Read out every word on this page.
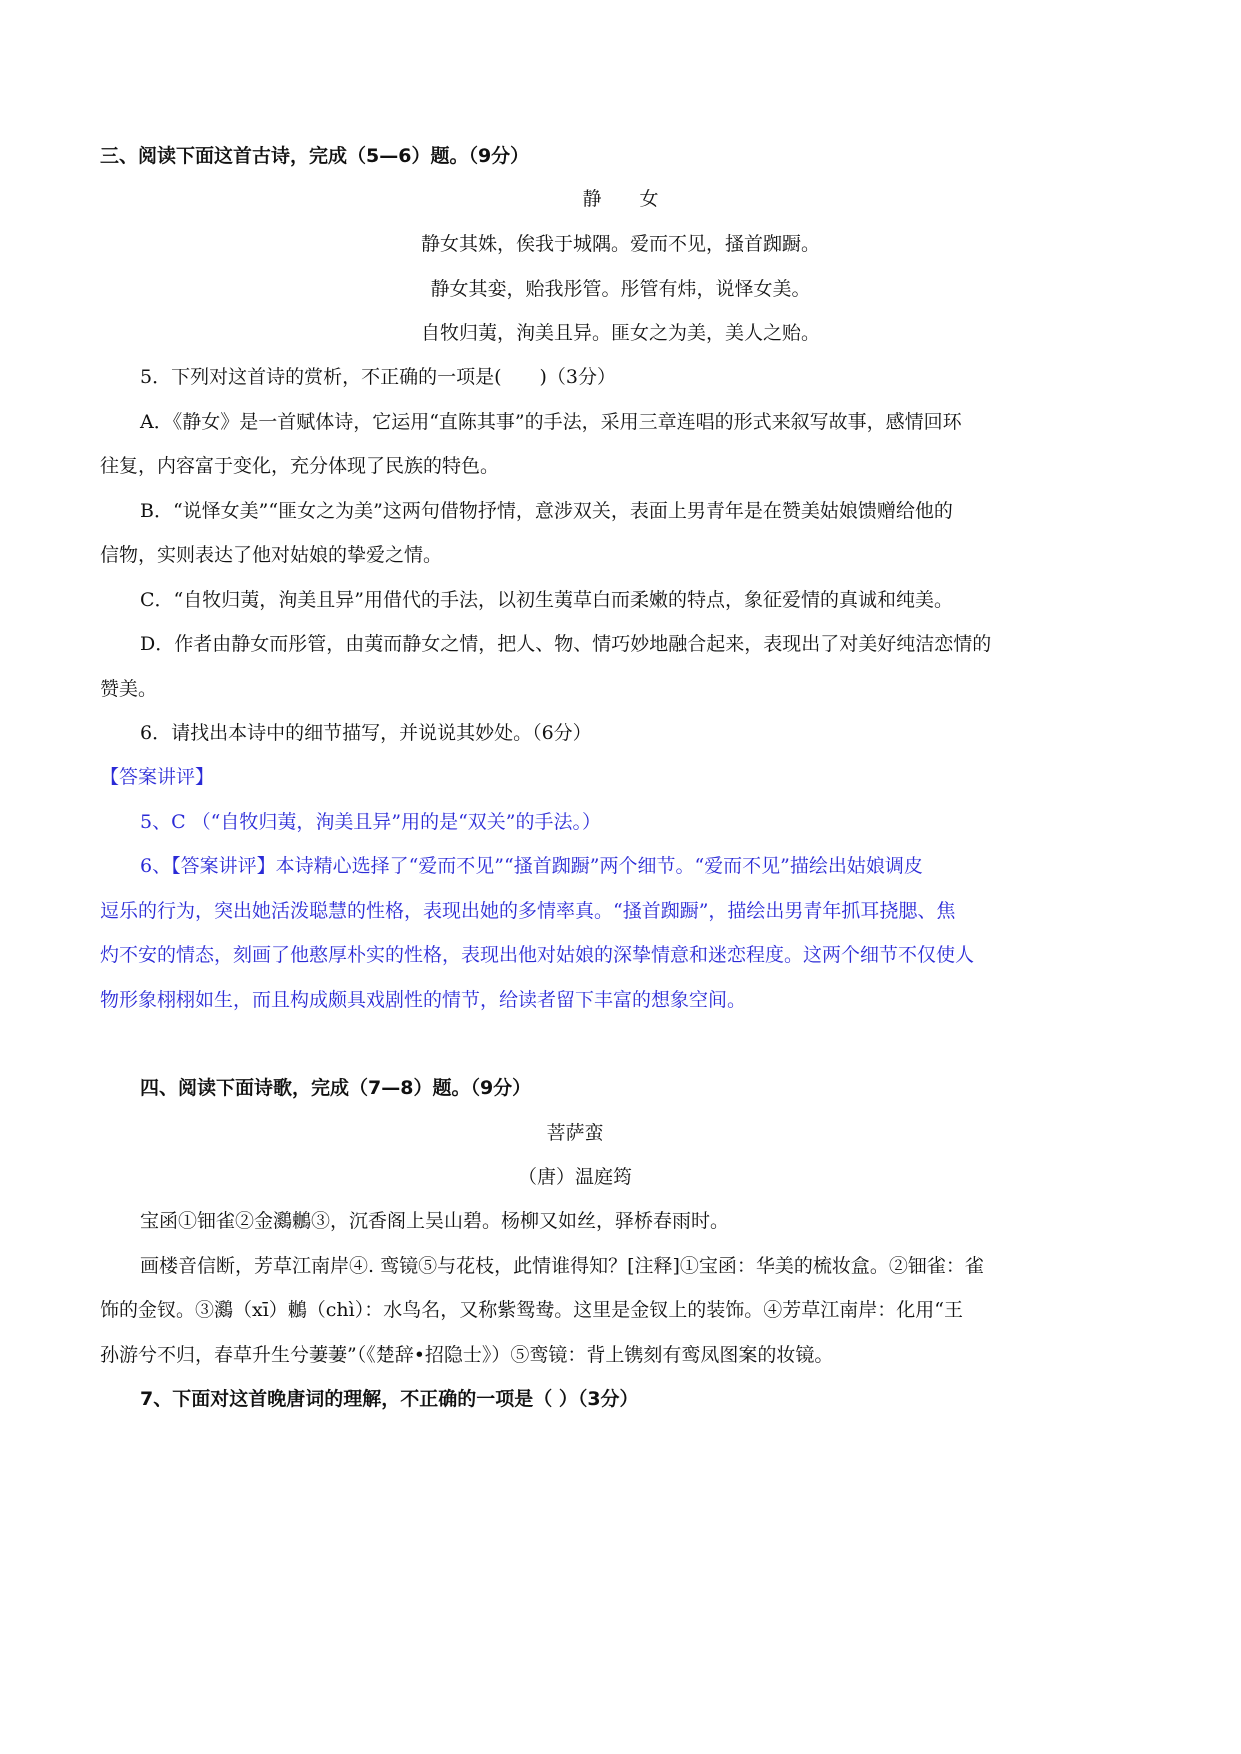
三、阅读下面这首古诗，完成（5—6）题。（9分）
静　　女
静女其姝，俟我于城隅。爱而不见，搔首踟蹰。
静女其娈，贻我彤管。彤管有炜，说怿女美。
自牧归荑，洵美且异。匪女之为美，美人之贻。
5．下列对这首诗的赏析，不正确的一项是(　　)（3分）
A．《静女》是一首赋体诗，它运用“直陈其事”的手法，采用三章连唱的形式来叙写故事，感情回环
往复，内容富于变化，充分体现了民族的特色。
B．“说怿女美”“匪女之为美”这两句借物抒情，意涉双关，表面上男青年是在赞美姑娘馈赠给他的
信物，实则表达了他对姑娘的挚爱之情。
C．“自牧归荑，洵美且异”用借代的手法，以初生荑草白而柔嫩的特点，象征爱情的真诚和纯美。
D．作者由静女而彤管，由荑而静女之情，把人、物、情巧妙地融合起来，表现出了对美好纯洁恋情的
赞美。
6．请找出本诗中的细节描写，并说说其妙处。（6分）
【答案讲评】
5、C （“自牧归荑，洵美且异”用的是“双关”的手法。）
6、【答案讲评】本诗精心选择了“爱而不见”“搔首踟蹰”两个细节。“爱而不见”描绘出姑娘调皮
逗乐的行为，突出她活泼聪慧的性格，表现出她的多情率真。“搔首踟蹰”，描绘出男青年抓耳挠腮、焦
灼不安的情态，刻画了他憨厚朴实的性格，表现出他对姑娘的深挚情意和迷恋程度。这两个细节不仅使人
物形象栩栩如生，而且构成颇具戏剧性的情节，给读者留下丰富的想象空间。
四、阅读下面诗歌，完成（7—8）题。（9分）
菩萨蛮
（唐）温庭筠
宝函①钿雀②金鸂鶒③，沉香阁上吴山碧。杨柳又如丝，驿桥春雨时。
画楼音信断，芳草江南岸④. 鸾镜⑤与花枝，此情谁得知？[注释]①宝函：华美的梳妆盒。②钿雀：雀
饰的金钗。③鸂（xī）鶒（chì）：水鸟名，又称紫鸳鸯。这里是金钗上的装饰。④芳草江南岸：化用“王
孙游兮不归，春草升生兮萋萋”（《楚辞•招隐士》）⑤鸾镜：背上镌刻有鸾凤图案的妆镜。
7、下面对这首晚唐词的理解，不正确的一项是（ ）（3分）
